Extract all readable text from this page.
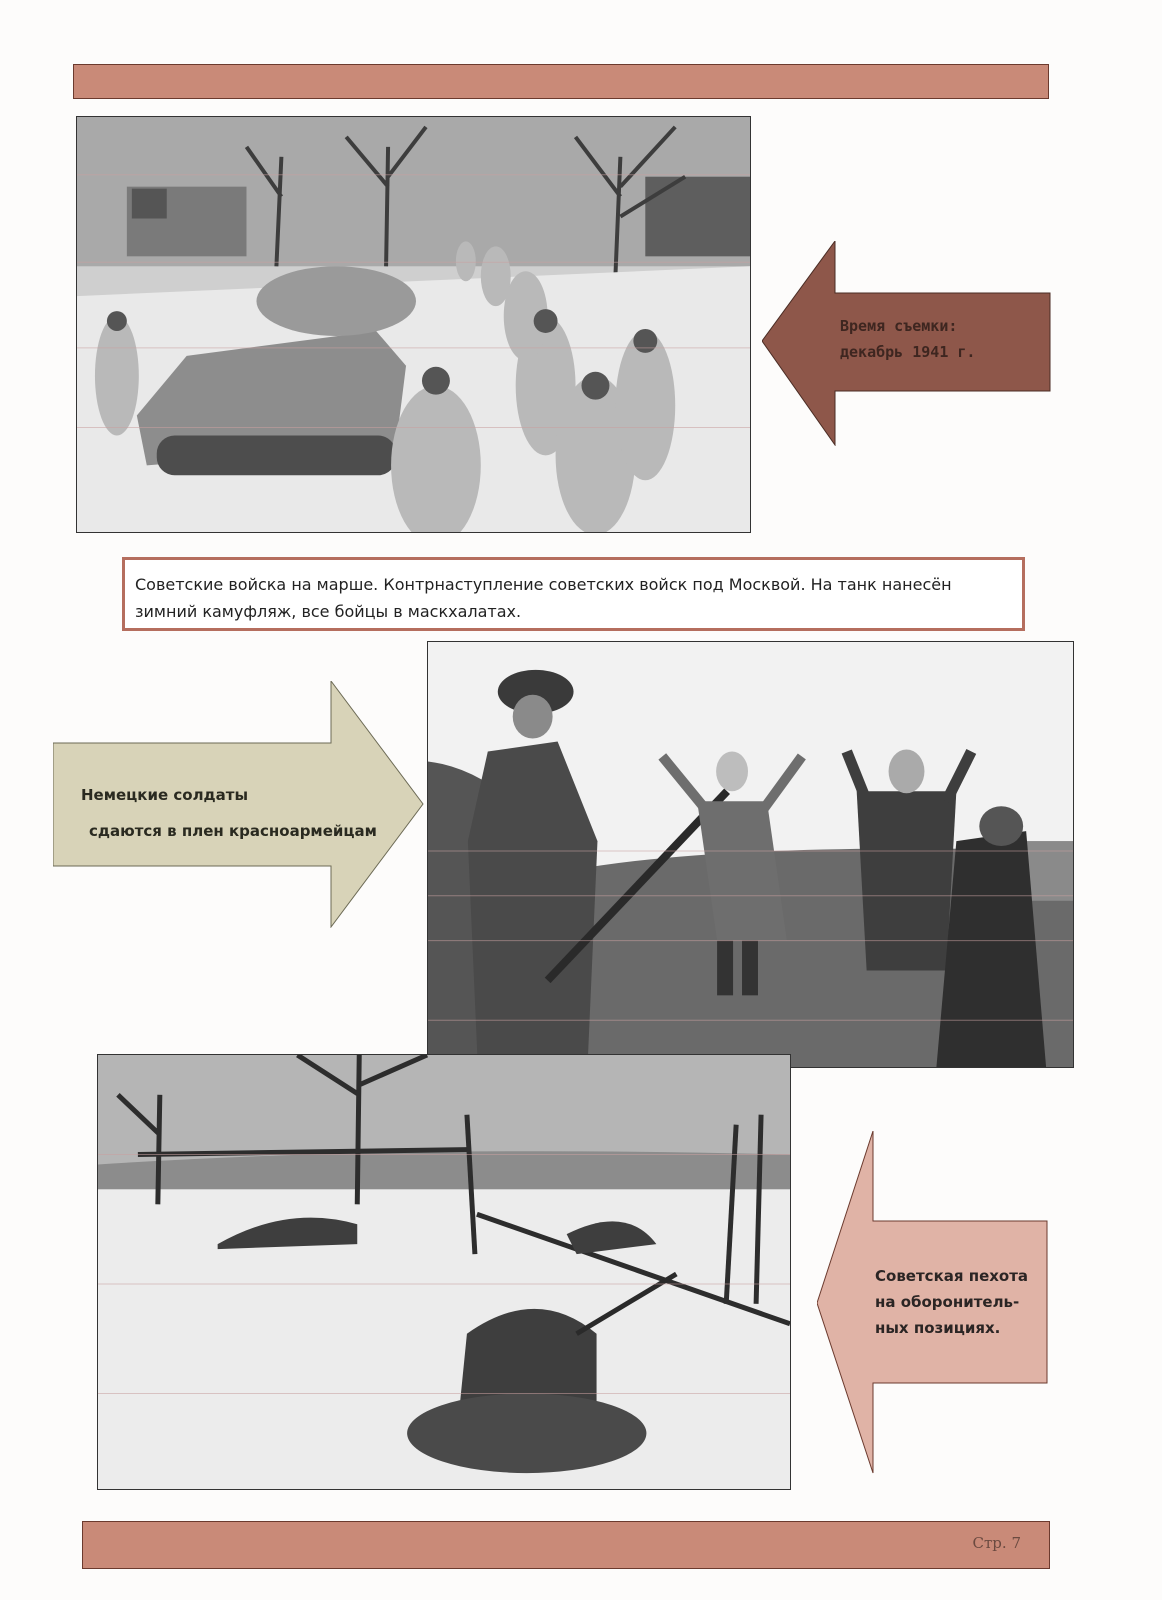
Время съемки:
декабрь 1941 г.
Советские войска на марше. Контрнаступление советских войск под Москвой. На танк нанесён зимний камуфляж, все бойцы в маскхалатах.
Немецкие солдаты
сдаются в плен красноармейцам
Советская пехота
на оборонитель-
ных позициях.
Стр. 7
